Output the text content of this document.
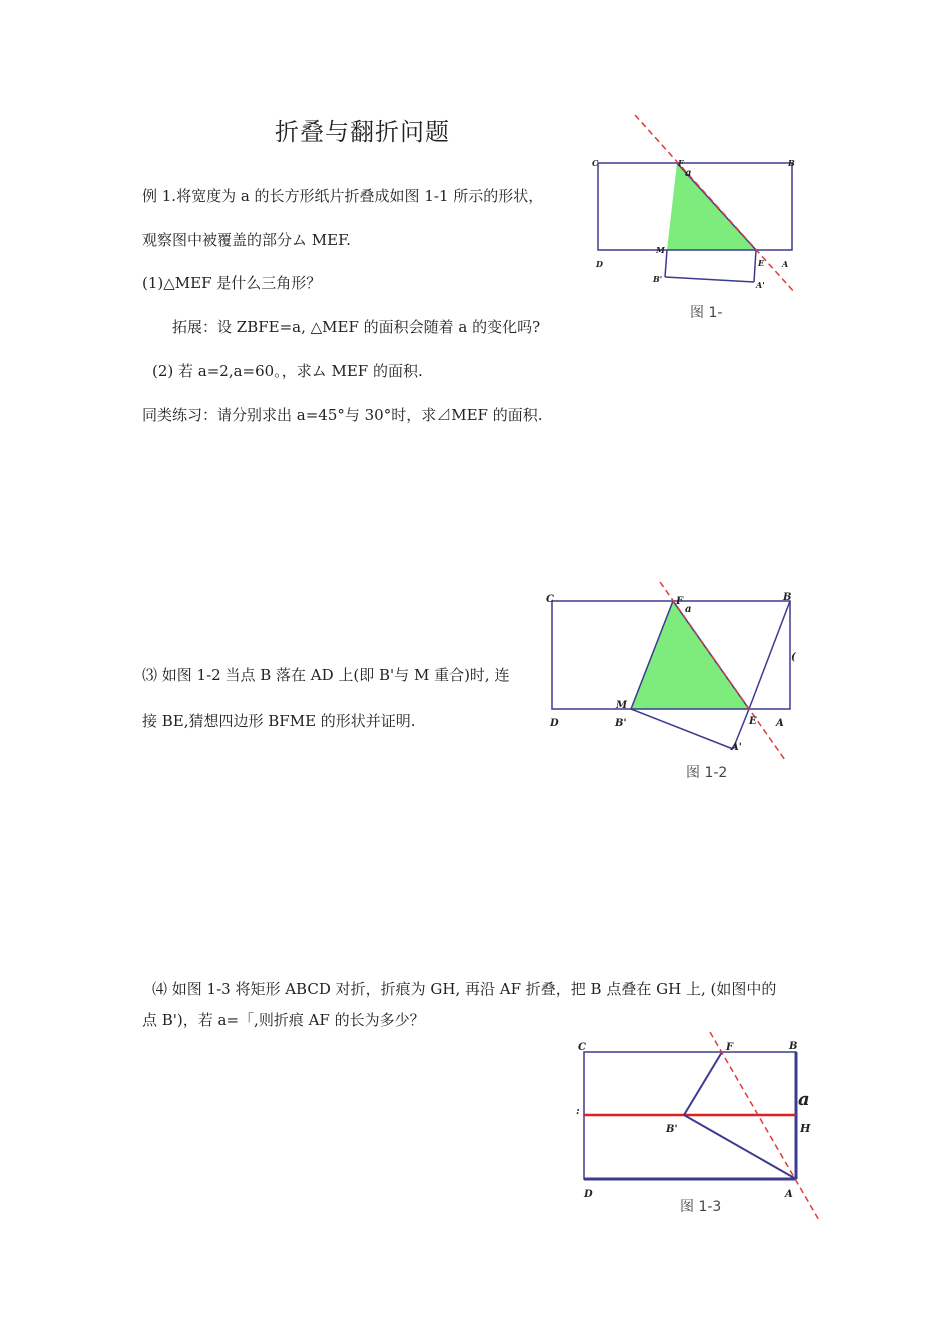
折叠与翻折问题
例 1.将宽度为 a 的长方形纸片折叠成如图 1-1 所示的形状，
观察图中被覆盖的部分ム MEF.
(1)△MEF 是什么三角形？
拓展：设 ZBFE=a, △MEF 的面积会随着 a 的变化吗?
(2) 若 a=2,a=60。，求ム MEF 的面积.
同类练习：请分别求出 a=45°与 30°时，求⊿MEF 的面积.
⑶ 如图 1-2 当点 B 落在 AD 上(即 B'与 M 重合)时, 连
接 BE,猜想四边形 BFME 的形状并证明.
⑷ 如图 1-3 将矩形 ABCD 对折，折痕为 GH, 再沿 AF 折叠，把 B 点叠在 GH 上, (如图中的
点 B')，若 a=「,则折痕 AF 的长为多少？
C	F
a
B
M
D	E A
B'
A'
图 1-
C	F
a
B
(
M
D	B'	E A
A'
图 1-2
C	F	B
a
B'	H
:
D	A
图 1-3
